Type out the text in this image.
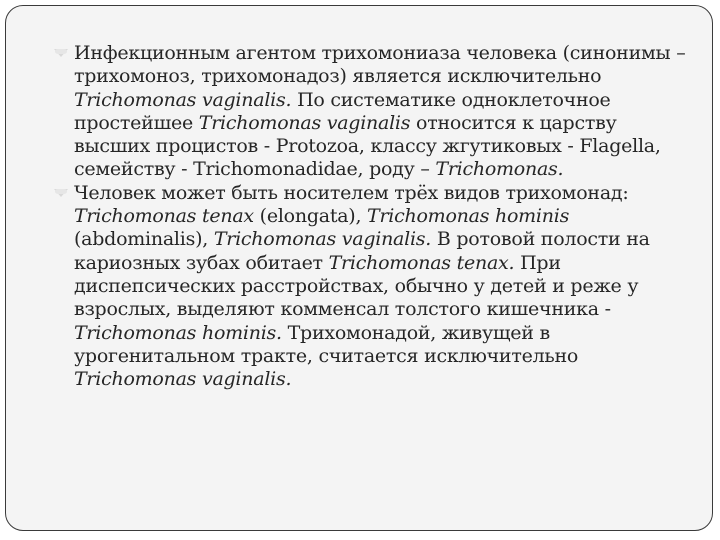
Инфекционным агентом трихомониаза человека (синонимы – трихомоноз, трихомонадоз) является исключительно Trichomonas vaginalis. По систематике одноклеточное простейшее Trichomonas vaginalis относится к царству высших процистов - Protozoa, классу жгутиковых - Flagella, семейству - Trichomonadidae, роду – Trichomonas.
Человек может быть носителем трёх видов трихомонад: Trichomonas tenax (elongata), Trichomonas hominis (abdominalis), Trichomonas vaginalis. В ротовой полости на кариозных зубах обитает Trichomonas tenax. При диспепсических расстройствах, обычно у детей и реже у взрослых, выделяют комменсал толстого кишечника - Trichomonas hominis. Трихомонадой, живущей в урогенитальном тракте, считается исключительно Trichomonas vaginalis.
